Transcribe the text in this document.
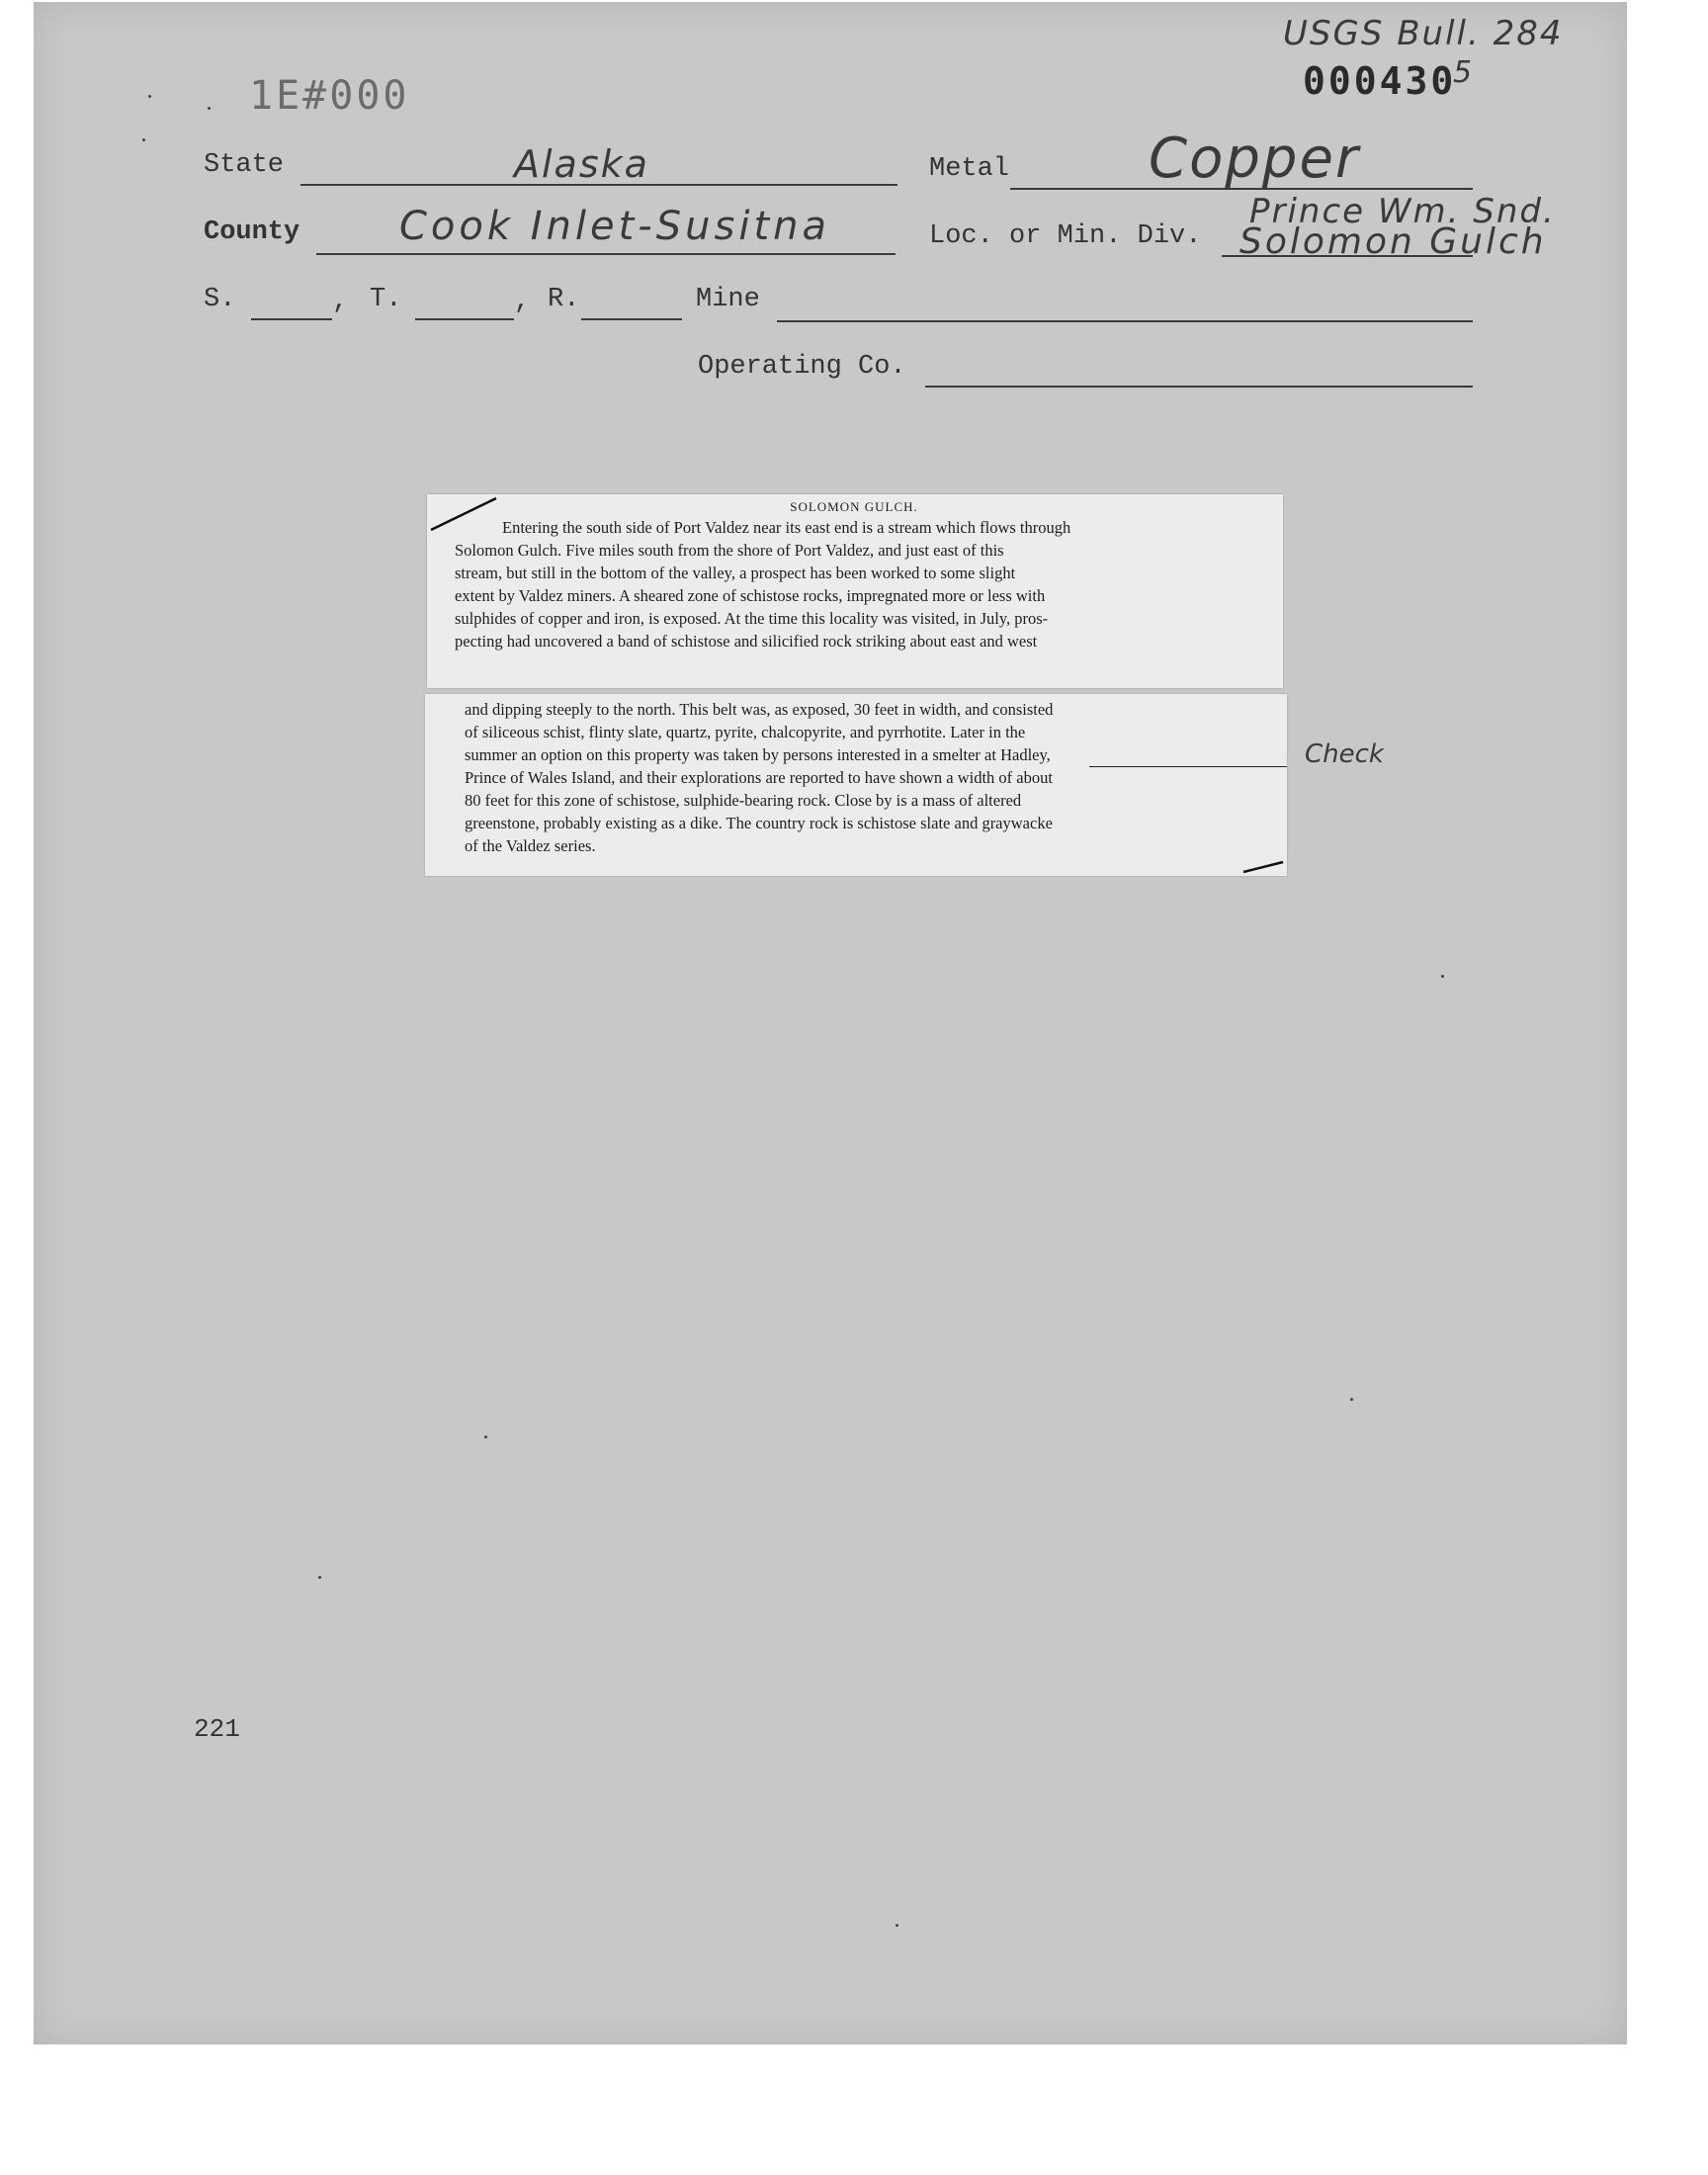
USGS Bull. 284
1E#000	000430
5
State	Alaska	Metal	Copper
County	Cook Inlet-Susitna	Loc. or Min. Div.
Prince Wm. Snd.
Solomon Gulch
S.	, T.	, R.	Mine
Operating Co.

SOLOMON GULCH.

Entering the south side of Port Valdez near its east end is a stream which flows through

Solomon Gulch. Five miles south from the shore of Port Valdez, and just east of this

stream, but still in the bottom of the valley, a prospect has been worked to some slight

extent by Valdez miners. A sheared zone of schistose rocks, impregnated more or less with

sulphides of copper and iron, is exposed. At the time this locality was visited, in July, pros-

pecting had uncovered a band of schistose and silicified rock striking about east and west

and dipping steeply to the north. This belt was, as exposed, 30 feet in width, and consisted

of siliceous schist, flinty slate, quartz, pyrite, chalcopyrite, and pyrrhotite. Later in the

summer an option on this property was taken by persons interested in a smelter at Hadley,

Prince of Wales Island, and their explorations are reported to have shown a width of about

80 feet for this zone of schistose, sulphide-bearing rock. Close by is a mass of altered

greenstone, probably existing as a dike. The country rock is schistose slate and graywacke

of the Valdez series.

Check
221
